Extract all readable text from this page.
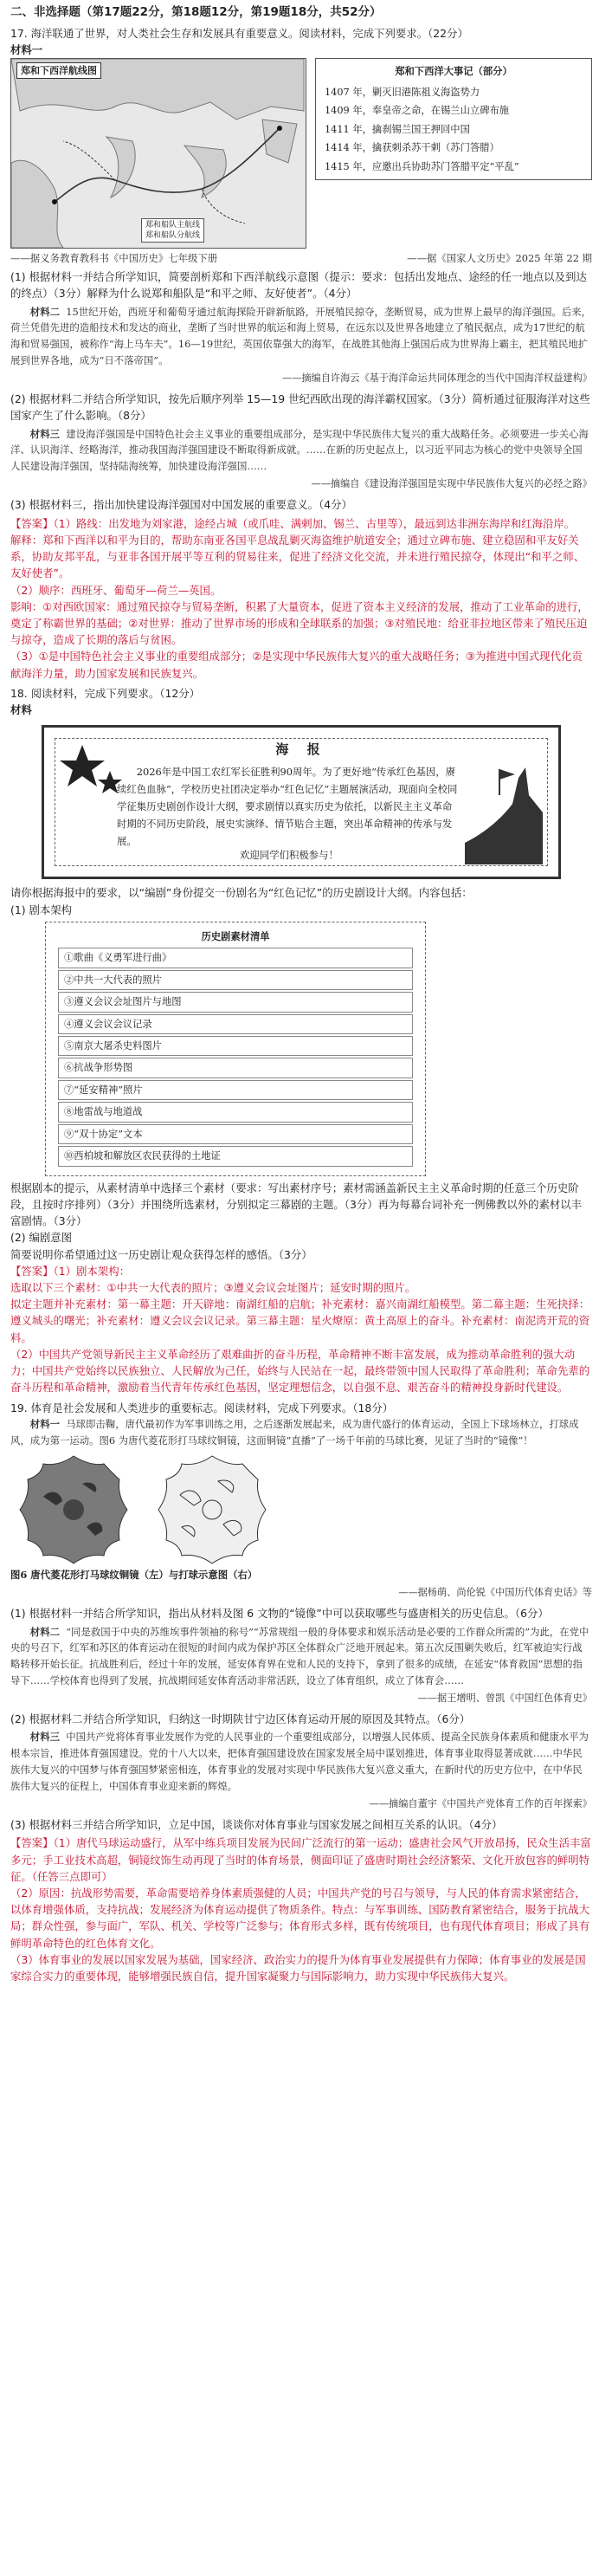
二、非选择题（第17题22分，第18题12分，第19题18分，共52分）
17. 海洋联通了世界，对人类社会生存和发展具有重要意义。阅读材料，完成下列要求。（22分）
材料一
郑和下西洋航线图
郑和船队主航线
郑和船队分航线
郑和下西洋大事记（部分）
1407 年，剿灭旧港陈祖义海盗势力
1409 年，奉皇帝之命，在锡兰山立碑布施
1411 年，擒刹锡兰国王押回中国
1414 年，擒获刺杀苏干剌（苏门答腊）
1415 年，应邀出兵协助苏门答腊平定“平乱”
——据义务教育教科书《中国历史》七年级下册	——据《国家人文历史》2025 年第 22 期
(1) 根据材料一并结合所学知识，简要剖析郑和下西洋航线示意图（提示：要求：包括出发地点、途经的任一地点以及到达的终点）（3分）解释为什么说郑和船队是“和平之师、友好使者”。（4分）
材料二 15世纪开始，西班牙和葡萄牙通过航海探险开辟新航路，开展殖民掠夺，垄断贸易，成为世界上最早的海洋强国。后来，荷兰凭借先进的造船技术和发达的商业，垄断了当时世界的航运和海上贸易，在远东以及世界各地建立了殖民据点，成为17世纪的航海和贸易强国，被称作“海上马车夫”。16—19世纪，英国依靠强大的海军，在战胜其他海上强国后成为世界海上霸主，把其殖民地扩展到世界各地，成为“日不落帝国”。
——摘编自许海云《基于海洋命运共同体理念的当代中国海洋权益建构》
(2) 根据材料二并结合所学知识，按先后顺序列举 15—19 世纪西欧出现的海洋霸权国家。（3分）简析通过征服海洋对这些国家产生了什么影响。（8分）
材料三 建设海洋强国是中国特色社会主义事业的重要组成部分，是实现中华民族伟大复兴的重大战略任务。必须要进一步关心海洋、认识海洋、经略海洋，推动我国海洋强国建设不断取得新成就。……在新的历史起点上，以习近平同志为核心的党中央领导全国人民建设海洋强国，坚持陆海统筹，加快建设海洋强国……
——摘编自《建设海洋强国是实现中华民族伟大复兴的必经之路》
(3) 根据材料三，指出加快建设海洋强国对中国发展的重要意义。（4分）
【答案】（1）路线：出发地为刘家港，途经占城（或爪哇、满剌加、锡兰、古里等），最远到达非洲东海岸和红海沿岸。
解释：郑和下西洋以和平为目的，帮助东南亚各国平息战乱剿灭海盗维护航道安全；通过立碑布施、建立稳固和平友好关系，协助友邦平乱，与亚非各国开展平等互利的贸易往来，促进了经济文化交流，并未进行殖民掠夺，体现出“和平之师、友好使者”。
（2）顺序：西班牙、葡萄牙—荷兰—英国。
影响：①对西欧国家：通过殖民掠夺与贸易垄断，积累了大量资本，促进了资本主义经济的发展，推动了工业革命的进行，奠定了称霸世界的基础；②对世界：推动了世界市场的形成和全球联系的加强；③对殖民地：给亚非拉地区带来了殖民压迫与掠夺，造成了长期的落后与贫困。
（3）①是中国特色社会主义事业的重要组成部分；②是实现中华民族伟大复兴的重大战略任务；③为推进中国式现代化贡献海洋力量，助力国家发展和民族复兴。
18. 阅读材料，完成下列要求。（12分）
材料
海 报
2026年是中国工农红军长征胜利90周年。为了更好地“传承红色基因，赓续红色血脉”，学校历史社团决定举办“红色记忆”主题展演活动，现面向全校同学征集历史剧创作设计大纲，要求剧情以真实历史为依托，以新民主主义革命时期的不同历史阶段，展史实演绎、情节贴合主题，突出革命精神的传承与发展。
欢迎同学们积极参与！
请你根据海报中的要求，以“编剧”身份提交一份剧名为“红色记忆”的历史剧设计大纲。内容包括：
(1) 剧本架构
历史剧素材清单
①歌曲《义勇军进行曲》
②中共一大代表的照片
③遵义会议会址图片与地图
④遵义会议会议记录
⑤南京大屠杀史料图片
⑥抗战争形势图
⑦“延安精神”照片
⑧地雷战与地道战
⑨“双十协定”文本
⑩西柏坡和解放区农民获得的土地证
根据剧本的提示，从素材清单中选择三个素材（要求：写出素材序号；素材需涵盖新民主主义革命时期的任意三个历史阶段，且按时序排列）（3分）并围绕所选素材，分别拟定三幕剧的主题。（3分）再为每幕台词补充一例佛教以外的素材以丰富剧情。（3分）
(2) 编剧意图
简要说明你希望通过这一历史剧让观众获得怎样的感悟。（3分）
【答案】（1）剧本架构：
选取以下三个素材：①中共一大代表的照片；③遵义会议会址图片；延安时期的照片。
拟定主题并补充素材：第一幕主题：开天辟地：南湖红船的启航；补充素材：嘉兴南湖红船模型。第二幕主题：生死抉择：遵义城头的曙光；补充素材：遵义会议会议记录。第三幕主题：星火燎原：黄土高原上的奋斗。补充素材：南泥湾开荒的资料。
（2）中国共产党领导新民主主义革命经历了艰难曲折的奋斗历程，革命精神不断丰富发展，成为推动革命胜利的强大动力；中国共产党始终以民族独立、人民解放为己任，始终与人民站在一起，最终带领中国人民取得了革命胜利；革命先辈的奋斗历程和革命精神，激励着当代青年传承红色基因，坚定理想信念，以自强不息、艰苦奋斗的精神投身新时代建设。
19. 体育是社会发展和人类进步的重要标志。阅读材料，完成下列要求。（18分）
材料一 马球即击鞠，唐代最初作为军事训练之用，之后逐渐发展起来，成为唐代盛行的体育运动，全国上下球场林立，打球成风，成为第一运动。图6 为唐代菱花形打马球纹铜镜，这面铜镜“直播”了一场千年前的马球比赛，见证了当时的“镜像”！
图6 唐代菱花形打马球纹铜镜（左）与打球示意图（右）
——据杨萌、尚伦锐《中国历代体育史话》等
(1) 根据材料一并结合所学知识，指出从材料及图 6 文物的“镜像”中可以获取哪些与盛唐相关的历史信息。（6分）
材料二 “同是救国于中央的苏维埃事件领袖的称号”“苏常规组一般的身体要求和娱乐活动是必要的工作群众所需的”为此，在党中央的号召下，红军和苏区的体育运动在很短的时间内成为保护苏区全体群众广泛地开展起来。第五次反围剿失败后，红军被迫实行战略转移开始长征。抗战胜利后，经过十年的发展，延安体育界在党和人民的支持下，拿到了很多的成绩，在延安“体育救国”思想的指导下……学校体育也得到了发展，抗战期间延安体育活动非常活跃，设立了体育组织，成立了体育会……
——据王增明、曾凯《中国红色体育史》
(2) 根据材料二并结合所学知识，归纳这一时期陕甘宁边区体育运动开展的原因及其特点。（6分）
材料三 中国共产党将体育事业发展作为党的人民事业的一个重要组成部分，以增强人民体质、提高全民族身体素质和健康水平为根本宗旨，推进体育强国建设。党的十八大以来，把体育强国建设放在国家发展全局中谋划推进，体育事业取得显著成就……中华民族伟大复兴的中国梦与体育强国梦紧密相连，体育事业的发展对实现中华民族伟大复兴意义重大，在新时代的历史方位中，在中华民族伟大复兴的征程上，中国体育事业迎来新的辉煌。
——摘编自董宇《中国共产党体育工作的百年探索》
(3) 根据材料三并结合所学知识，立足中国，谈谈你对体育事业与国家发展之间相互关系的认识。（4分）
【答案】（1）唐代马球运动盛行，从军中练兵项目发展为民间广泛流行的第一运动；盛唐社会风气开放昂扬，民众生活丰富多元；手工业技术高超，铜镜纹饰生动再现了当时的体育场景，侧面印证了盛唐时期社会经济繁荣、文化开放包容的鲜明特征。（任答三点即可）
（2）原因：抗战形势需要，革命需要培养身体素质强健的人员；中国共产党的号召与领导，与人民的体育需求紧密结合，以体育增强体质，支持抗战；发展经济为体育运动提供了物质条件。特点：与军事训练、国防教育紧密结合，服务于抗战大局；群众性强，参与面广，军队、机关、学校等广泛参与；体育形式多样，既有传统项目，也有现代体育项目；形成了具有鲜明革命特色的红色体育文化。
（3）体育事业的发展以国家发展为基础，国家经济、政治实力的提升为体育事业发展提供有力保障；体育事业的发展是国家综合实力的重要体现，能够增强民族自信，提升国家凝聚力与国际影响力，助力实现中华民族伟大复兴。
